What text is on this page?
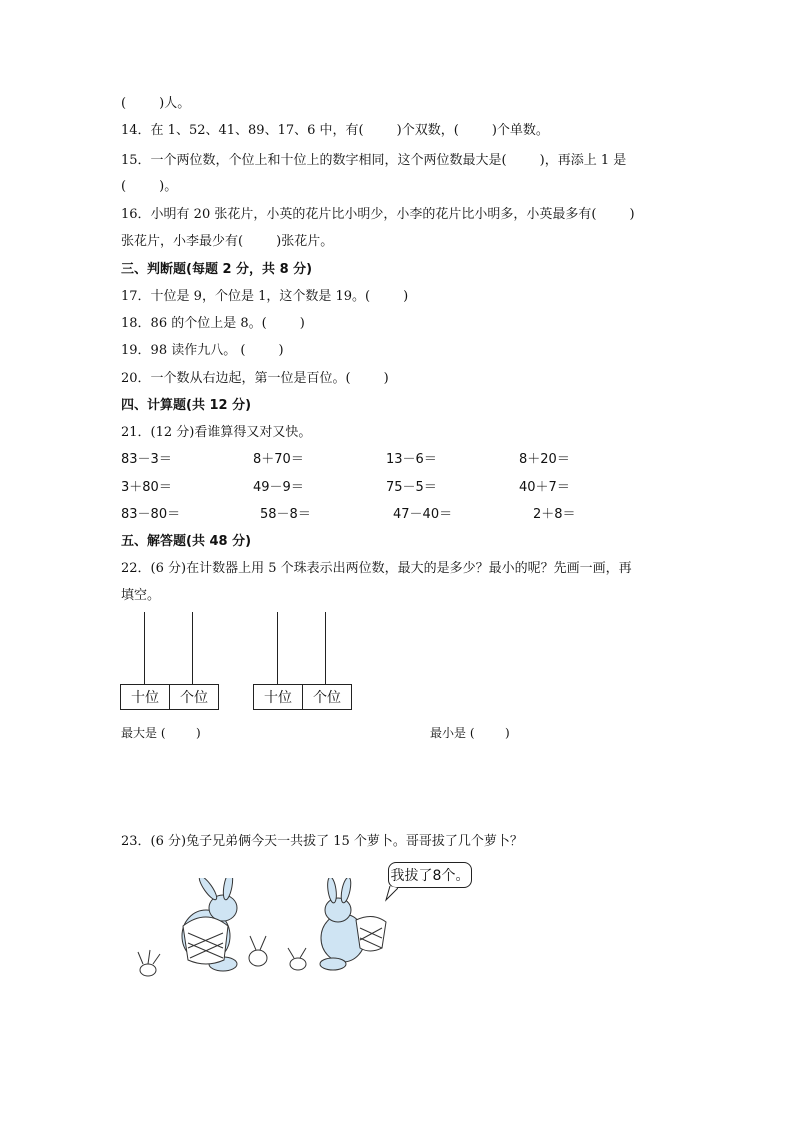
(        )人。
14．在 1、52、41、89、17、6 中，有(        )个双数，(        )个单数。
15．一个两位数，个位上和十位上的数字相同，这个两位数最大是(        )，再添上 1 是
(        )。
16．小明有 20 张花片，小英的花片比小明少，小李的花片比小明多，小英最多有(        )
张花片，小李最少有(        )张花片。
三、判断题(每题 2 分，共 8 分)
17．十位是 9，个位是 1，这个数是 19。(        )
18．86 的个位上是 8。(        )
19．98 读作九八。 (        )
20．一个数从右边起，第一位是百位。(        )
四、计算题(共 12 分)
21．(12 分)看谁算得又对又快。
83－3＝	8＋70＝	13－6＝	8＋20＝
3＋80＝	49－9＝	75－5＝	40＋7＝
83－80＝	58－8＝	47－40＝	2＋8＝
五、解答题(共 48 分)
22．(6 分)在计数器上用 5 个珠表示出两位数，最大的是多少？最小的呢？先画一画，再
填空。
十位	个位	十位	个位
最大是 (        )	最小是 (        )
23．(6 分)兔子兄弟俩今天一共拔了 15 个萝卜。哥哥拔了几个萝卜？
我拔了8个。
